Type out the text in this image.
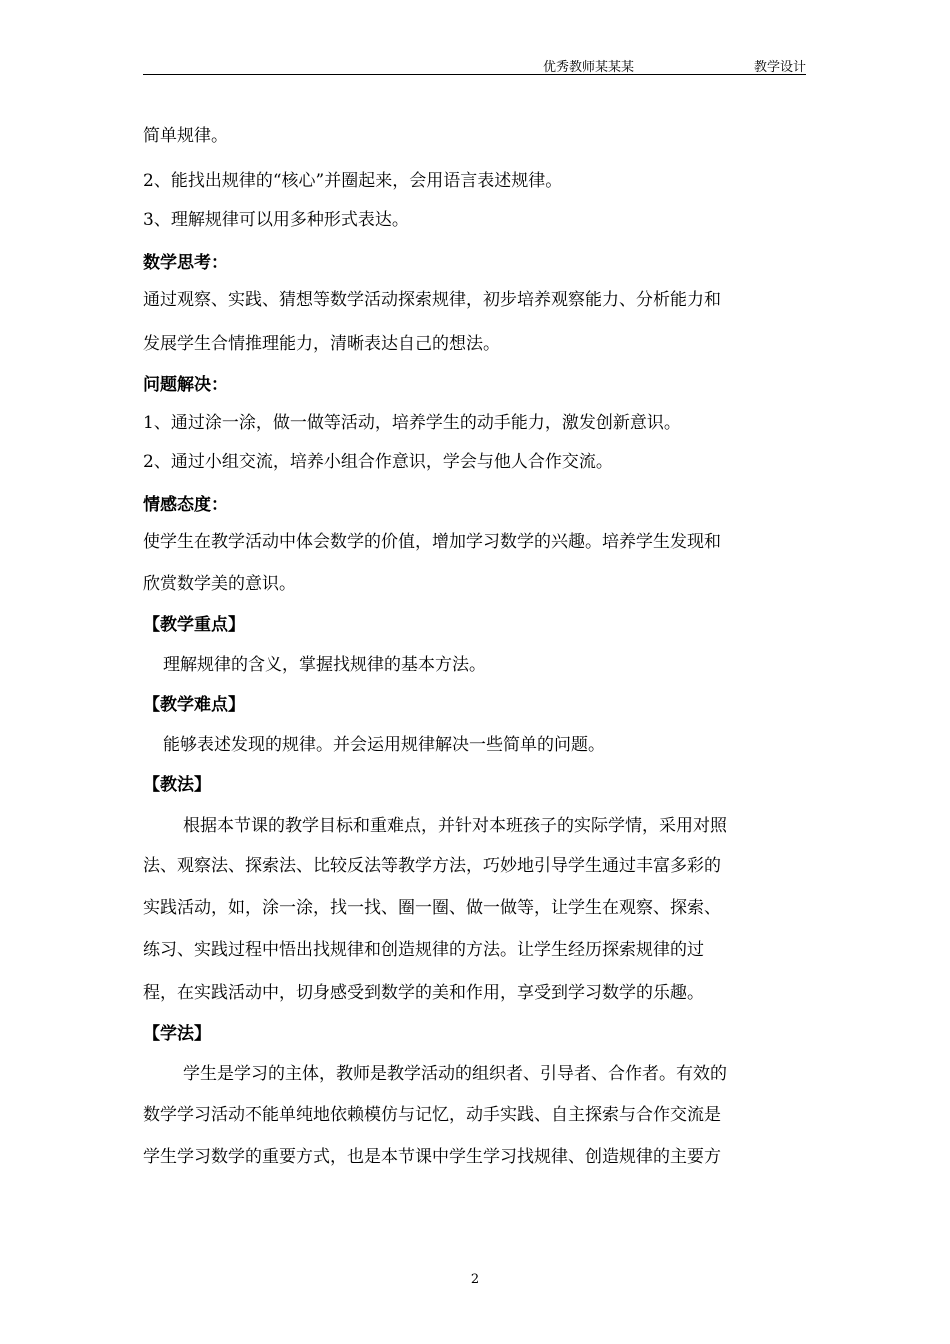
优秀教师某某某	教学设计
简单规律。
2、能找出规律的“核心”并圈起来，会用语言表述规律。
3、理解规律可以用多种形式表达。
数学思考：
通过观察、实践、猜想等数学活动探索规律，初步培养观察能力、分析能力和
发展学生合情推理能力，清晰表达自己的想法。
问题解决：
1、通过涂一涂，做一做等活动，培养学生的动手能力，激发创新意识。
2、通过小组交流，培养小组合作意识，学会与他人合作交流。
情感态度：
使学生在教学活动中体会数学的价值，增加学习数学的兴趣。培养学生发现和
欣赏数学美的意识。
【教学重点】
理解规律的含义，掌握找规律的基本方法。
【教学难点】
能够表述发现的规律。并会运用规律解决一些简单的问题。
【教法】
根据本节课的教学目标和重难点，并针对本班孩子的实际学情，采用对照
法、观察法、探索法、比较反法等教学方法，巧妙地引导学生通过丰富多彩的
实践活动，如，涂一涂，找一找、圈一圈、做一做等，让学生在观察、探索、
练习、实践过程中悟出找规律和创造规律的方法。让学生经历探索规律的过
程，在实践活动中，切身感受到数学的美和作用，享受到学习数学的乐趣。
【学法】
学生是学习的主体，教师是教学活动的组织者、引导者、合作者。有效的
数学学习活动不能单纯地依赖模仿与记忆，动手实践、自主探索与合作交流是
学生学习数学的重要方式，也是本节课中学生学习找规律、创造规律的主要方
2
